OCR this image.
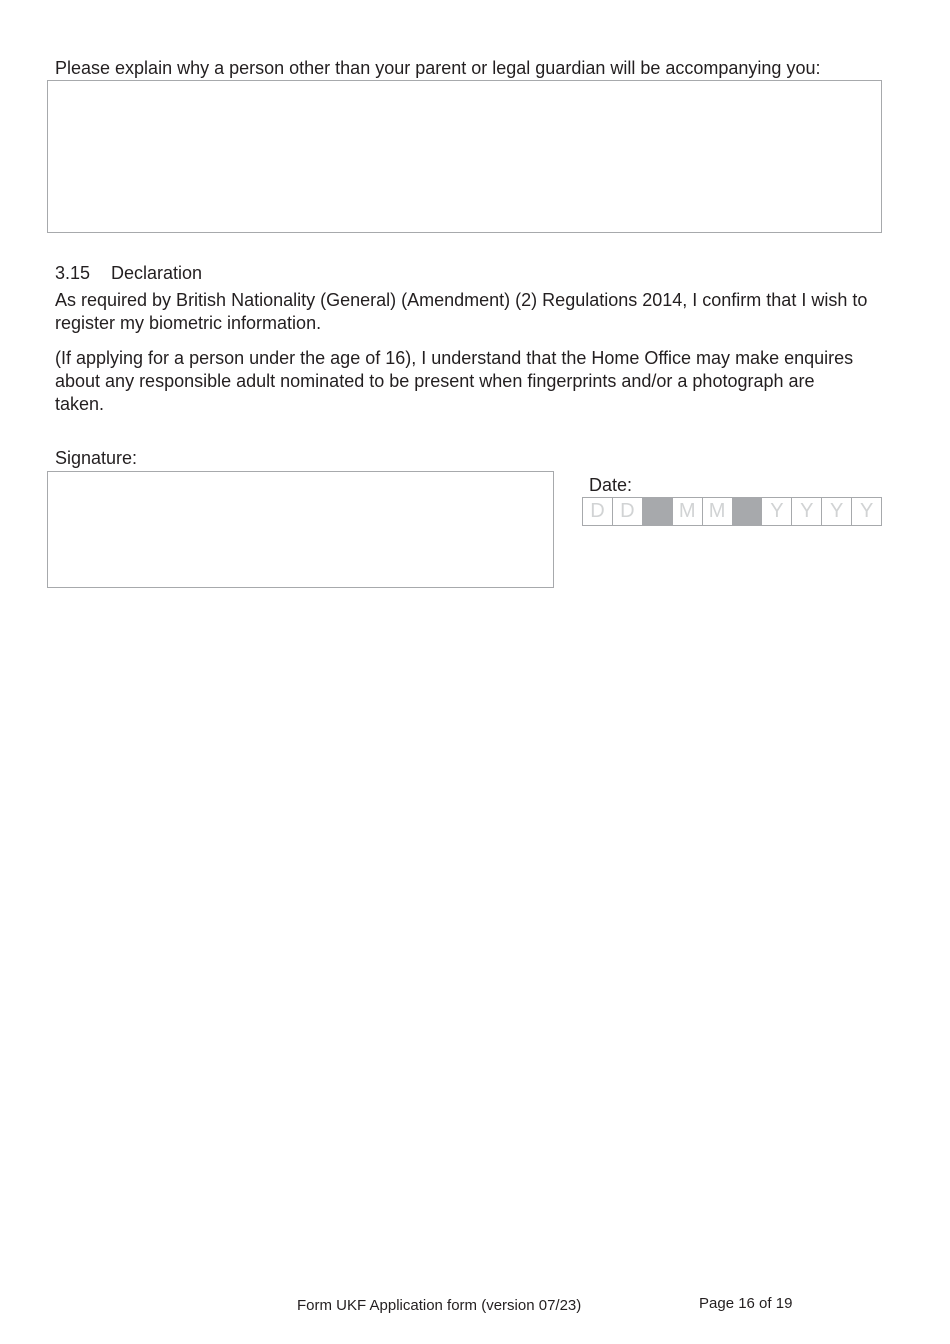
Please explain why a person other than your parent or legal guardian will be accompanying you:
3.15 Declaration
As required by British Nationality (General) (Amendment) (2) Regulations 2014, I confirm that I wish to register my biometric information.
(If applying for a person under the age of 16), I understand that the Home Office may make enquires about any responsible adult nominated to be present when fingerprints and/or a photograph are taken.
Signature:
Date:
D D	M M	Y Y Y Y
Form UKF Application form (version 07/23)	Page 16 of 19
